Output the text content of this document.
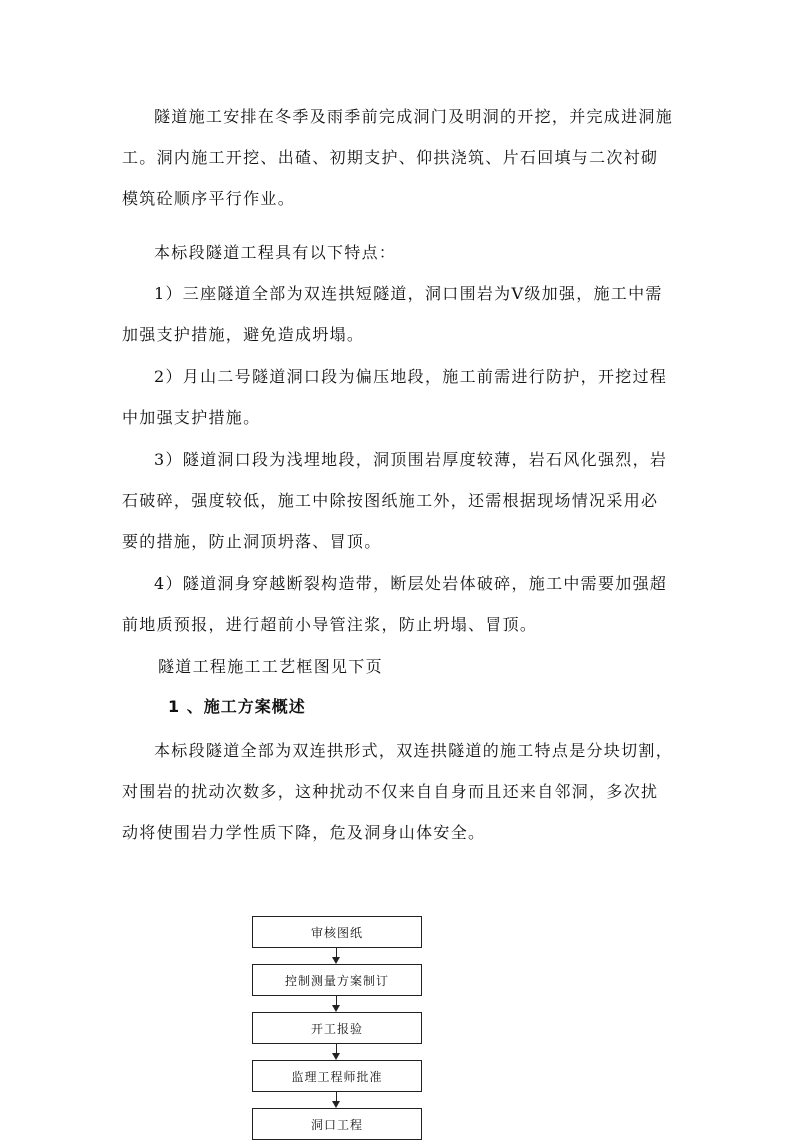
隧道施工安排在冬季及雨季前完成洞门及明洞的开挖，并完成进洞施工。洞内施工开挖、出碴、初期支护、仰拱浇筑、片石回填与二次衬砌模筑砼顺序平行作业。

本标段隧道工程具有以下特点：

1）三座隧道全部为双连拱短隧道，洞口围岩为Ⅴ级加强，施工中需加强支护措施，避免造成坍塌。

2）月山二号隧道洞口段为偏压地段，施工前需进行防护，开挖过程中加强支护措施。

3）隧道洞口段为浅埋地段，洞顶围岩厚度较薄，岩石风化强烈，岩石破碎，强度较低，施工中除按图纸施工外，还需根据现场情况采用必要的措施，防止洞顶坍落、冒顶。

4）隧道洞身穿越断裂构造带，断层处岩体破碎，施工中需要加强超前地质预报，进行超前小导管注浆，防止坍塌、冒顶。

隧道工程施工工艺框图见下页

1 、施工方案概述

本标段隧道全部为双连拱形式，双连拱隧道的施工特点是分块切割，对围岩的扰动次数多，这种扰动不仅来自自身而且还来自邻洞，多次扰动将使围岩力学性质下降，危及洞身山体安全。

审核图纸
控制测量方案制订
开工报验
监理工程师批准
洞口工程
